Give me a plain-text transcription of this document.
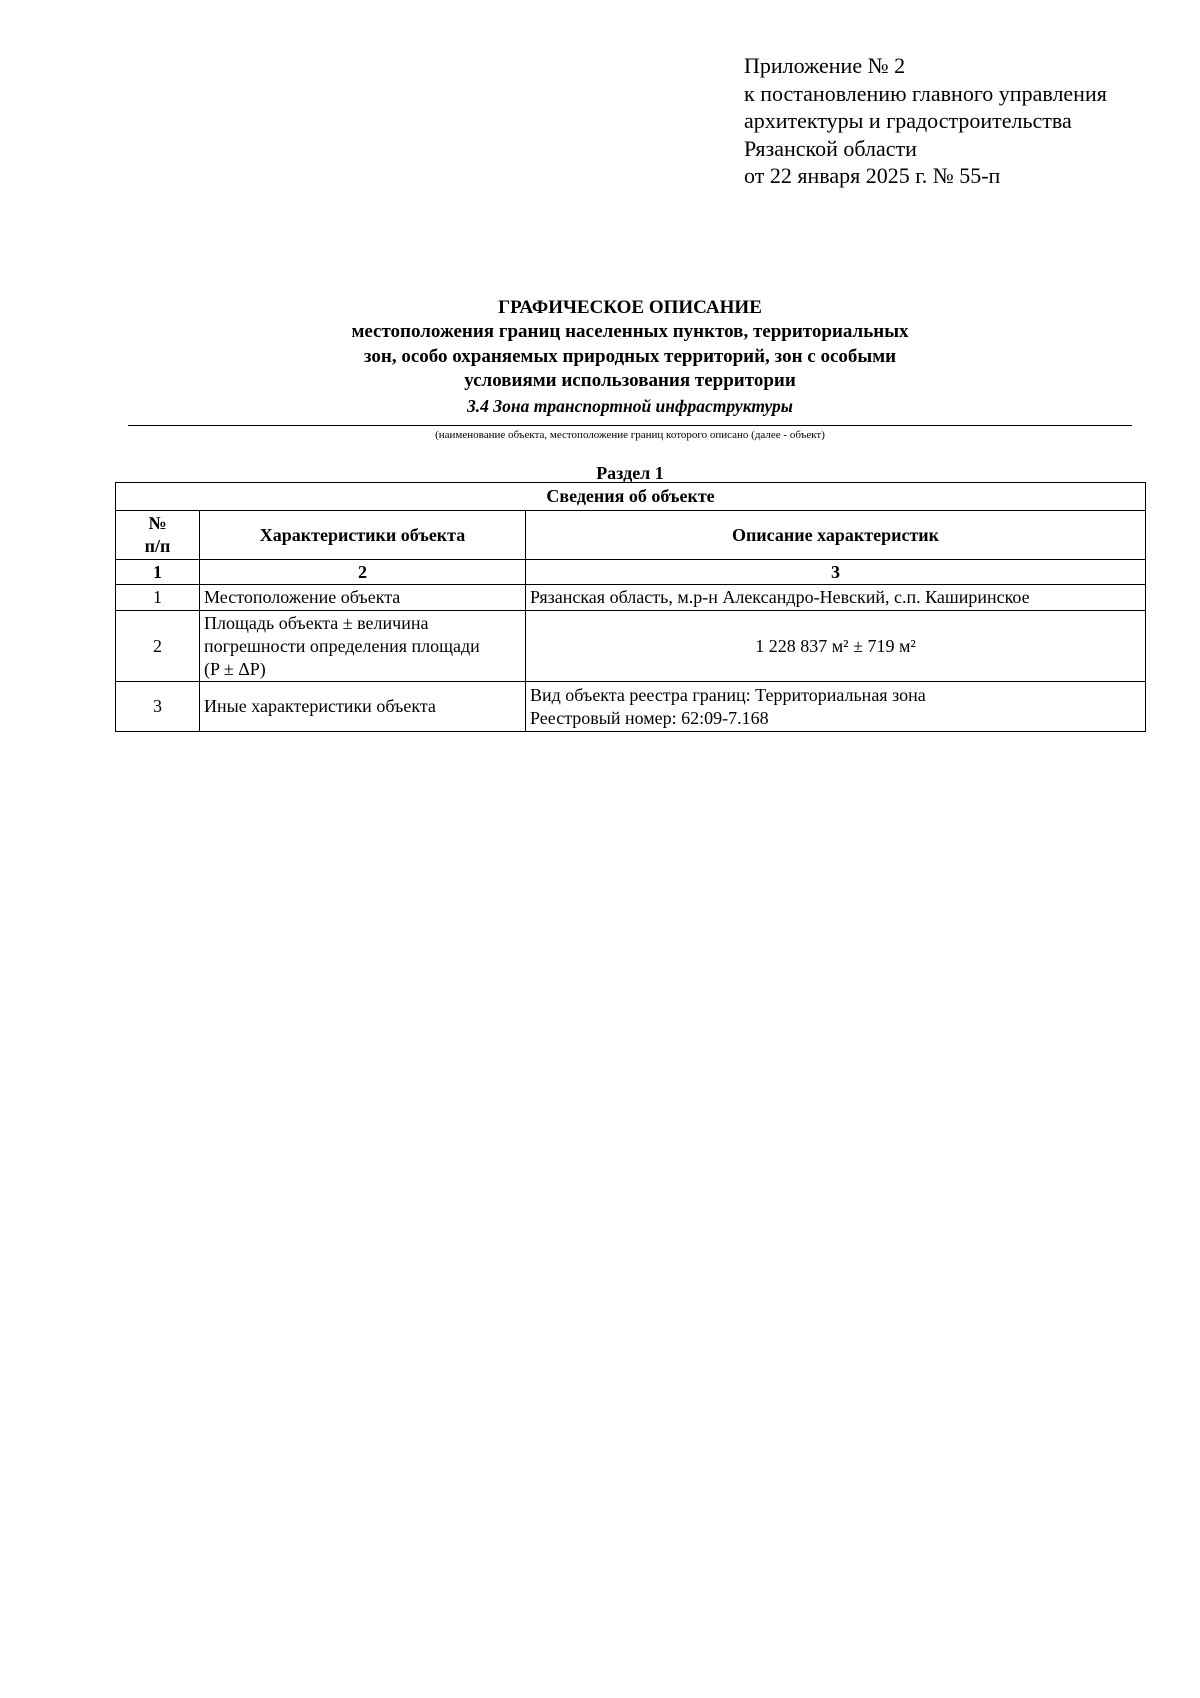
Приложение № 2
к постановлению главного управления
архитектуры и градостроительства
Рязанской области
от 22 января 2025 г. № 55-п
ГРАФИЧЕСКОЕ ОПИСАНИЕ
местоположения границ населенных пунктов, территориальных
зон, особо охраняемых природных территорий, зон с особыми
условиями использования территории
3.4 Зона транспортной инфраструктуры
(наименование объекта, местоположение границ которого описано (далее - объект)
Раздел 1
Сведения об объекте		

№
п/п	Характеристики объекта	Описание характеристик
1	2	3
1	Местоположение объекта	Рязанская область, м.р-н Александро-Невский, с.п. Каширинское

2	Площадь объекта ± величина
погрешности определения площади
(P ± ΔP)	1 228 837 м² ± 719 м²

3	Иные характеристики объекта	Вид объекта реестра границ: Территориальная зона
Реестровый номер: 62:09-7.168
